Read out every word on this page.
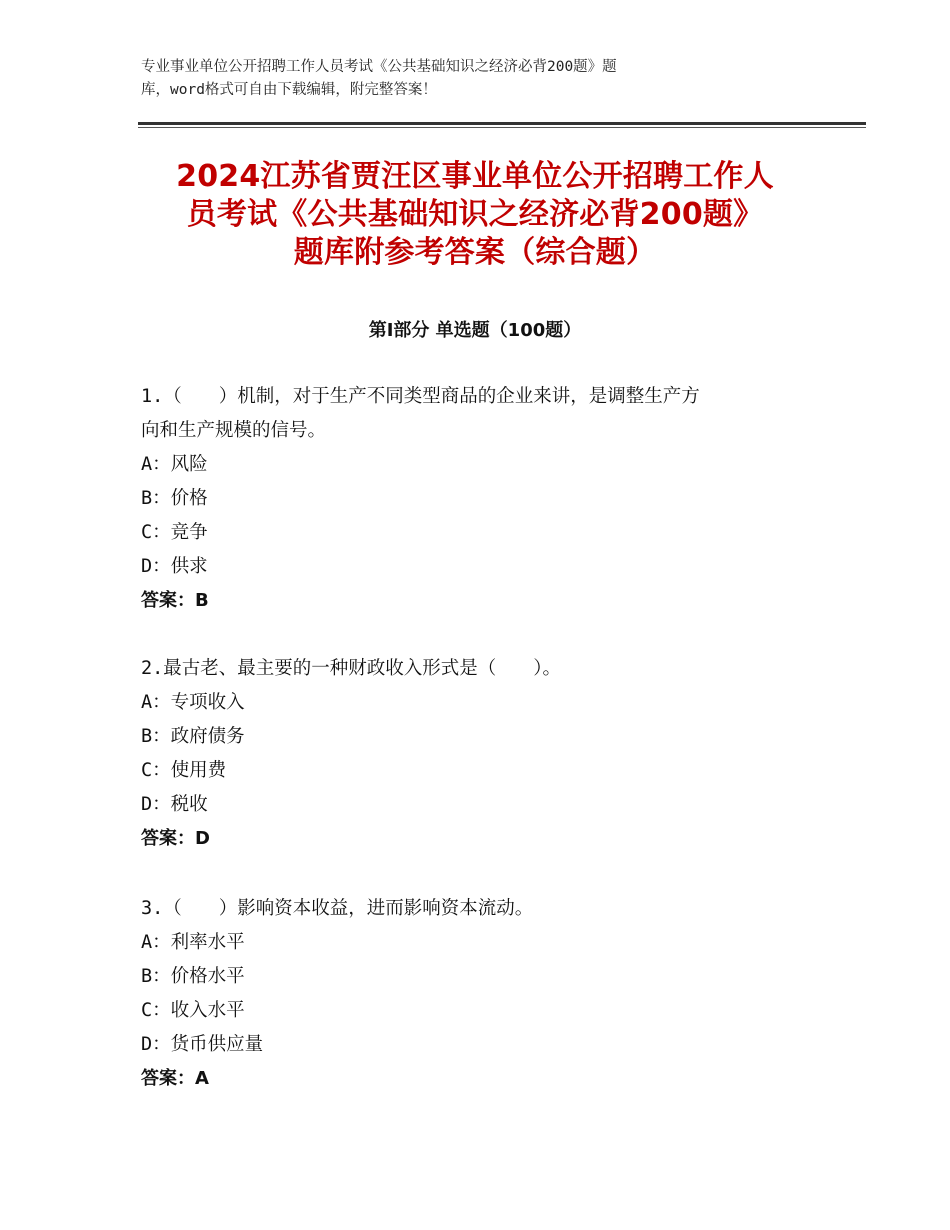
专业事业单位公开招聘工作人员考试《公共基础知识之经济必背200题》题
库，word格式可自由下载编辑，附完整答案！
2024江苏省贾汪区事业单位公开招聘工作人
员考试《公共基础知识之经济必背200题》
题库附参考答案（综合题）
第Ⅰ部分 单选题（100题）
1.（　　）机制，对于生产不同类型商品的企业来讲，是调整生产方
向和生产规模的信号。
A：风险
B：价格
C：竞争
D：供求
答案：B
2.最古老、最主要的一种财政收入形式是（　　）。
A：专项收入
B：政府债务
C：使用费
D：税收
答案：D
3.（　　）影响资本收益，进而影响资本流动。
A：利率水平
B：价格水平
C：收入水平
D：货币供应量
答案：A
